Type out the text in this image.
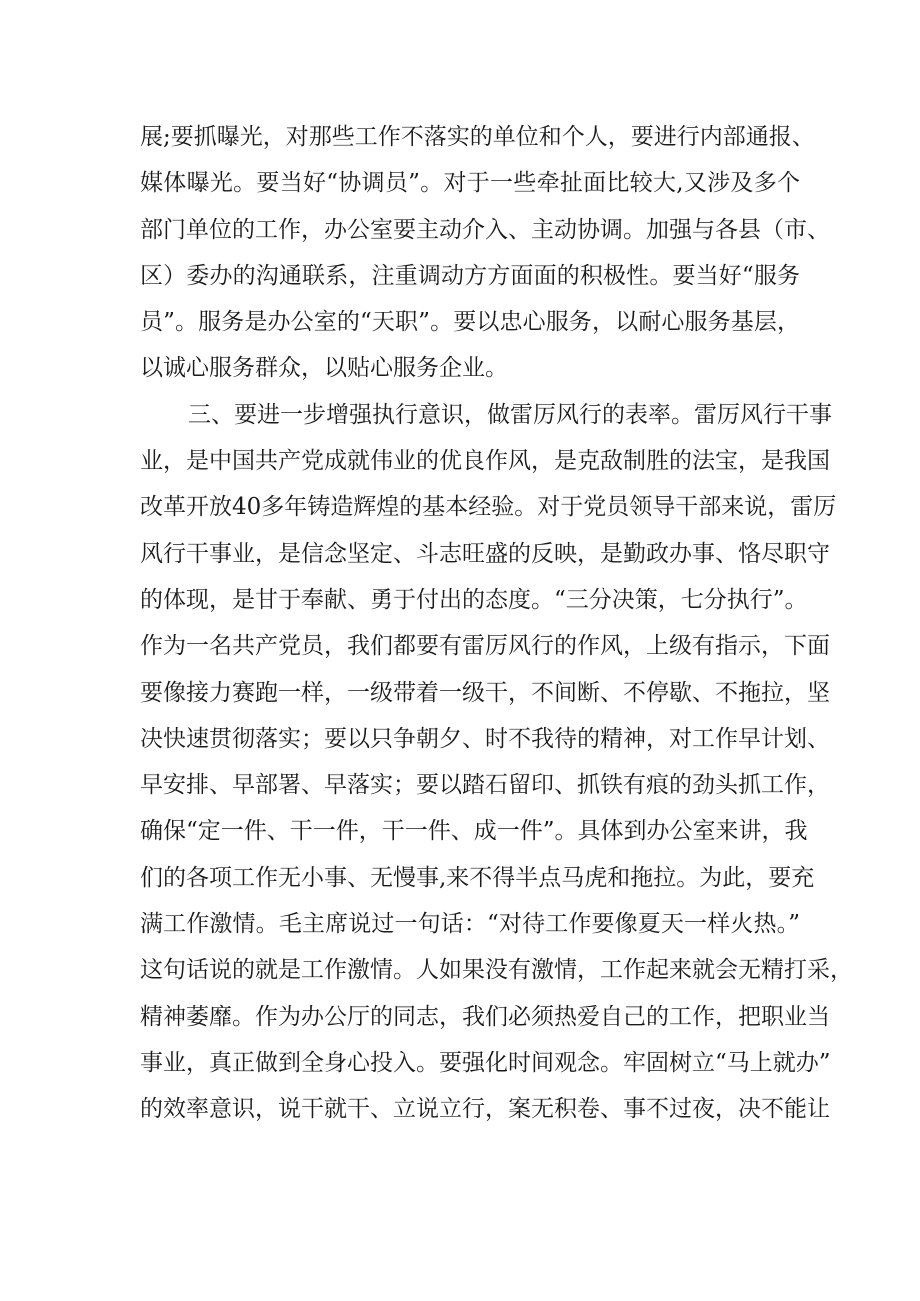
展;要抓曝光，对那些工作不落实的单位和个人，要进行内部通报、
媒体曝光。要当好“协调员”。对于一些牵扯面比较大,又涉及多个
部门单位的工作，办公室要主动介入、主动协调。加强与各县（市、
区）委办的沟通联系，注重调动方方面面的积极性。要当好“服务
员”。服务是办公室的“天职”。要以忠心服务，以耐心服务基层，
以诚心服务群众，以贴心服务企业。
三、要进一步增强执行意识，做雷厉风行的表率。雷厉风行干事
业，是中国共产党成就伟业的优良作风，是克敌制胜的法宝，是我国
改革开放40多年铸造辉煌的基本经验。对于党员领导干部来说，雷厉
风行干事业，是信念坚定、斗志旺盛的反映，是勤政办事、恪尽职守
的体现，是甘于奉献、勇于付出的态度。“三分决策，七分执行”。
作为一名共产党员，我们都要有雷厉风行的作风，上级有指示，下面
要像接力赛跑一样，一级带着一级干，不间断、不停歇、不拖拉，坚
决快速贯彻落实；要以只争朝夕、时不我待的精神，对工作早计划、
早安排、早部署、早落实；要以踏石留印、抓铁有痕的劲头抓工作，
确保“定一件、干一件，干一件、成一件”。具体到办公室来讲，我
们的各项工作无小事、无慢事,来不得半点马虎和拖拉。为此，要充
满工作激情。毛主席说过一句话：“对待工作要像夏天一样火热。”
这句话说的就是工作激情。人如果没有激情，工作起来就会无精打采，
精神萎靡。作为办公厅的同志，我们必须热爱自己的工作，把职业当
事业，真正做到全身心投入。要强化时间观念。牢固树立“马上就办”
的效率意识，说干就干、立说立行，案无积卷、事不过夜，决不能让
